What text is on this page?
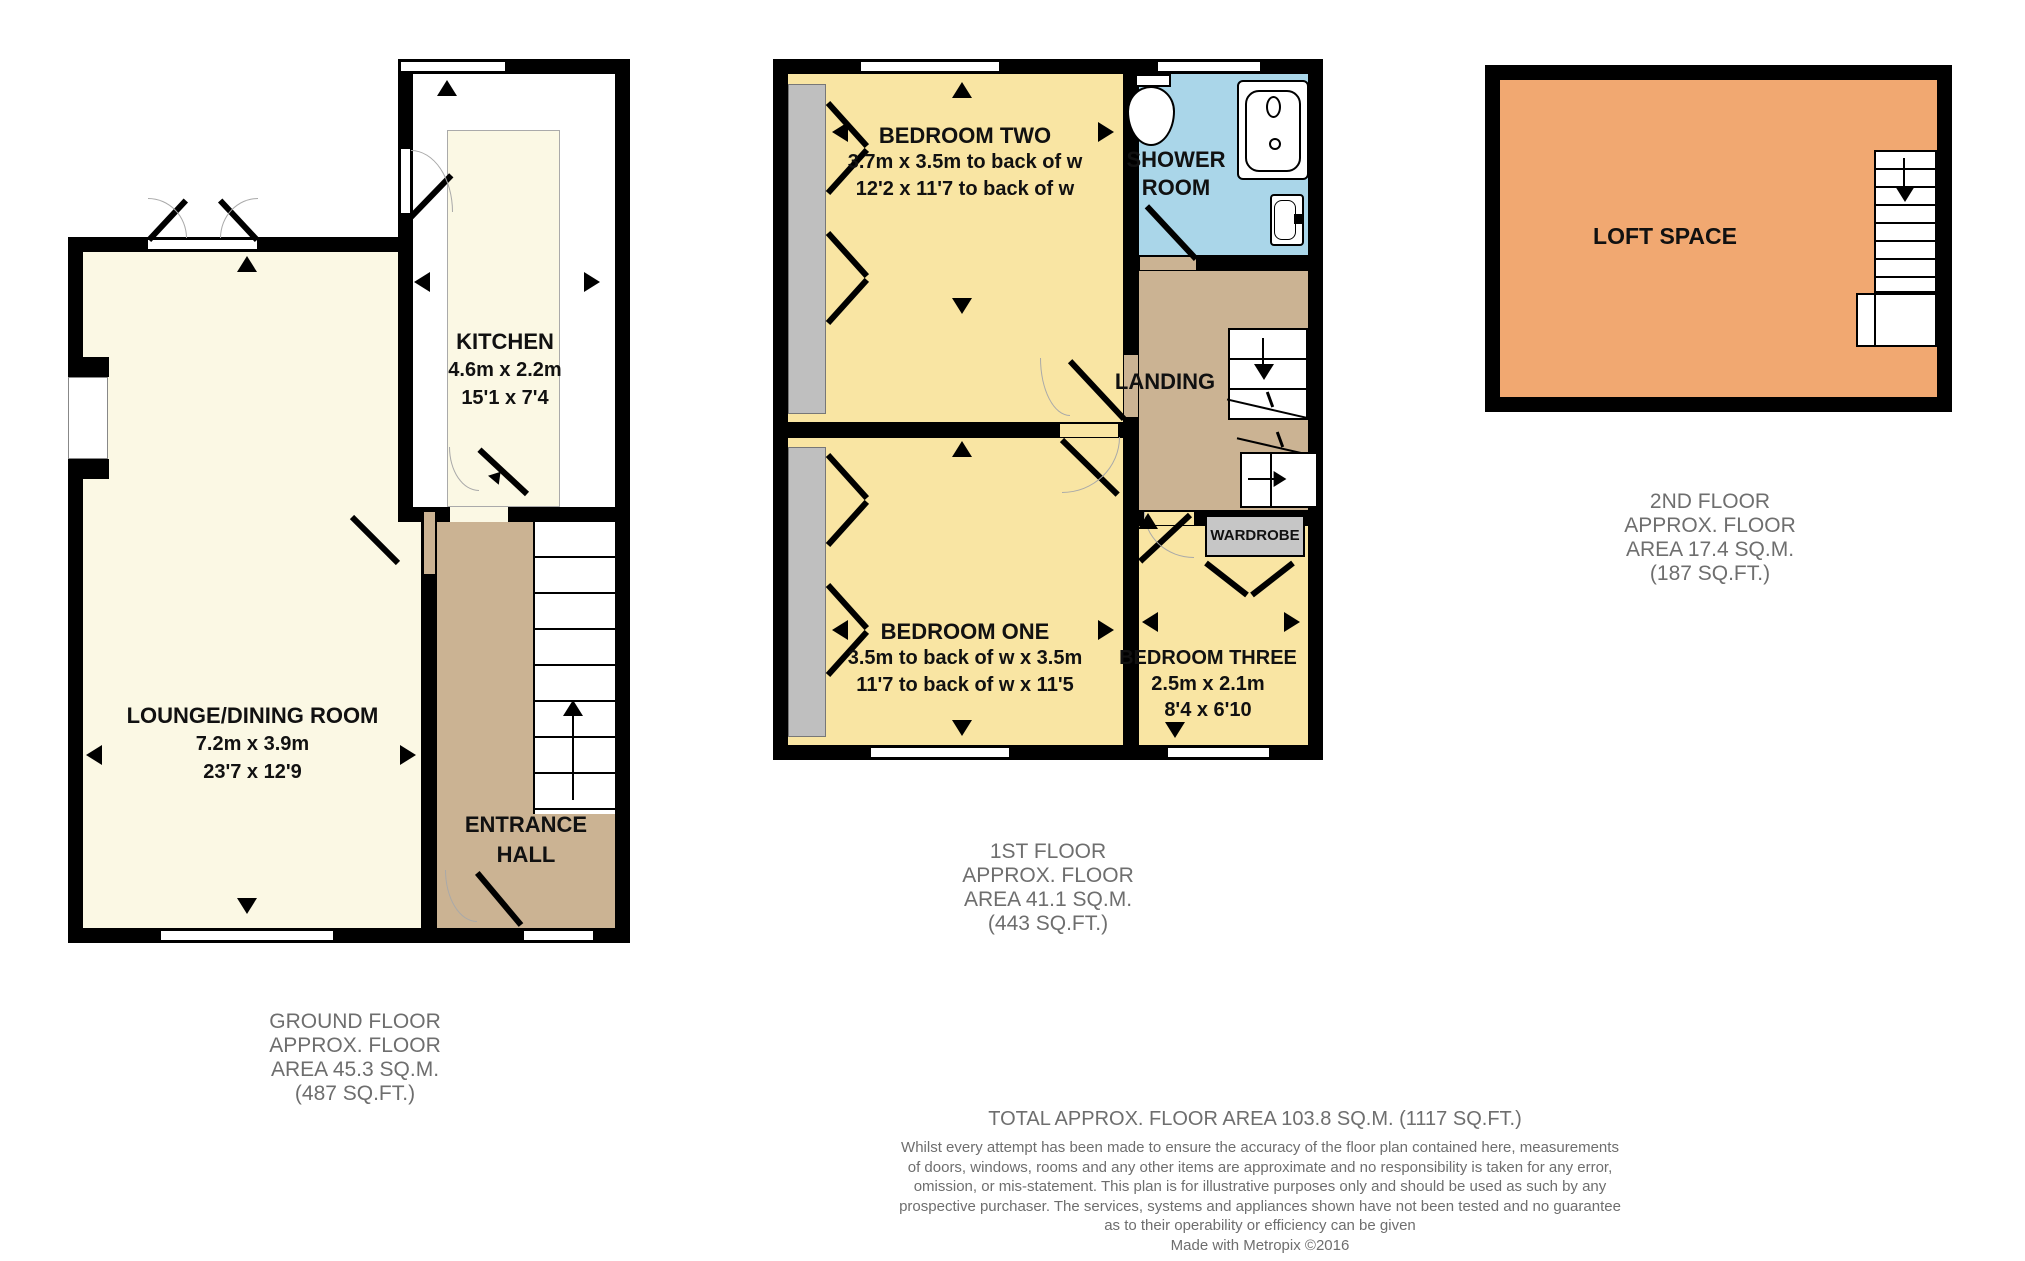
LOUNGE/DINING ROOM
7.2m x 3.9m
23'7 x 12'9
KITCHEN
4.6m x 2.2m
15'1 x 7'4
ENTRANCE
HALL
GROUND FLOOR
APPROX. FLOOR
AREA 45.3 SQ.M.
(487 SQ.FT.)
WARDROBE
BEDROOM TWO
3.7m x 3.5m to back of w
12'2 x 11'7 to back of w
SHOWER
ROOM
LANDING
BEDROOM ONE
3.5m to back of w x 3.5m
11'7 to back of w x 11'5
BEDROOM THREE
2.5m x 2.1m
8'4 x 6'10
1ST FLOOR
APPROX. FLOOR
AREA 41.1 SQ.M.
(443 SQ.FT.)
LOFT SPACE
2ND FLOOR
APPROX. FLOOR
AREA 17.4 SQ.M.
(187 SQ.FT.)
TOTAL APPROX. FLOOR AREA 103.8 SQ.M. (1117 SQ.FT.)
Whilst every attempt has been made to ensure the accuracy of the floor plan contained here, measurements
of doors, windows, rooms and any other items are approximate and no responsibility is taken for any error,
omission, or mis-statement. This plan is for illustrative purposes only and should be used as such by any
prospective purchaser. The services, systems and appliances shown have not been tested and no guarantee
as to their operability or efficiency can be given
Made with Metropix ©2016
